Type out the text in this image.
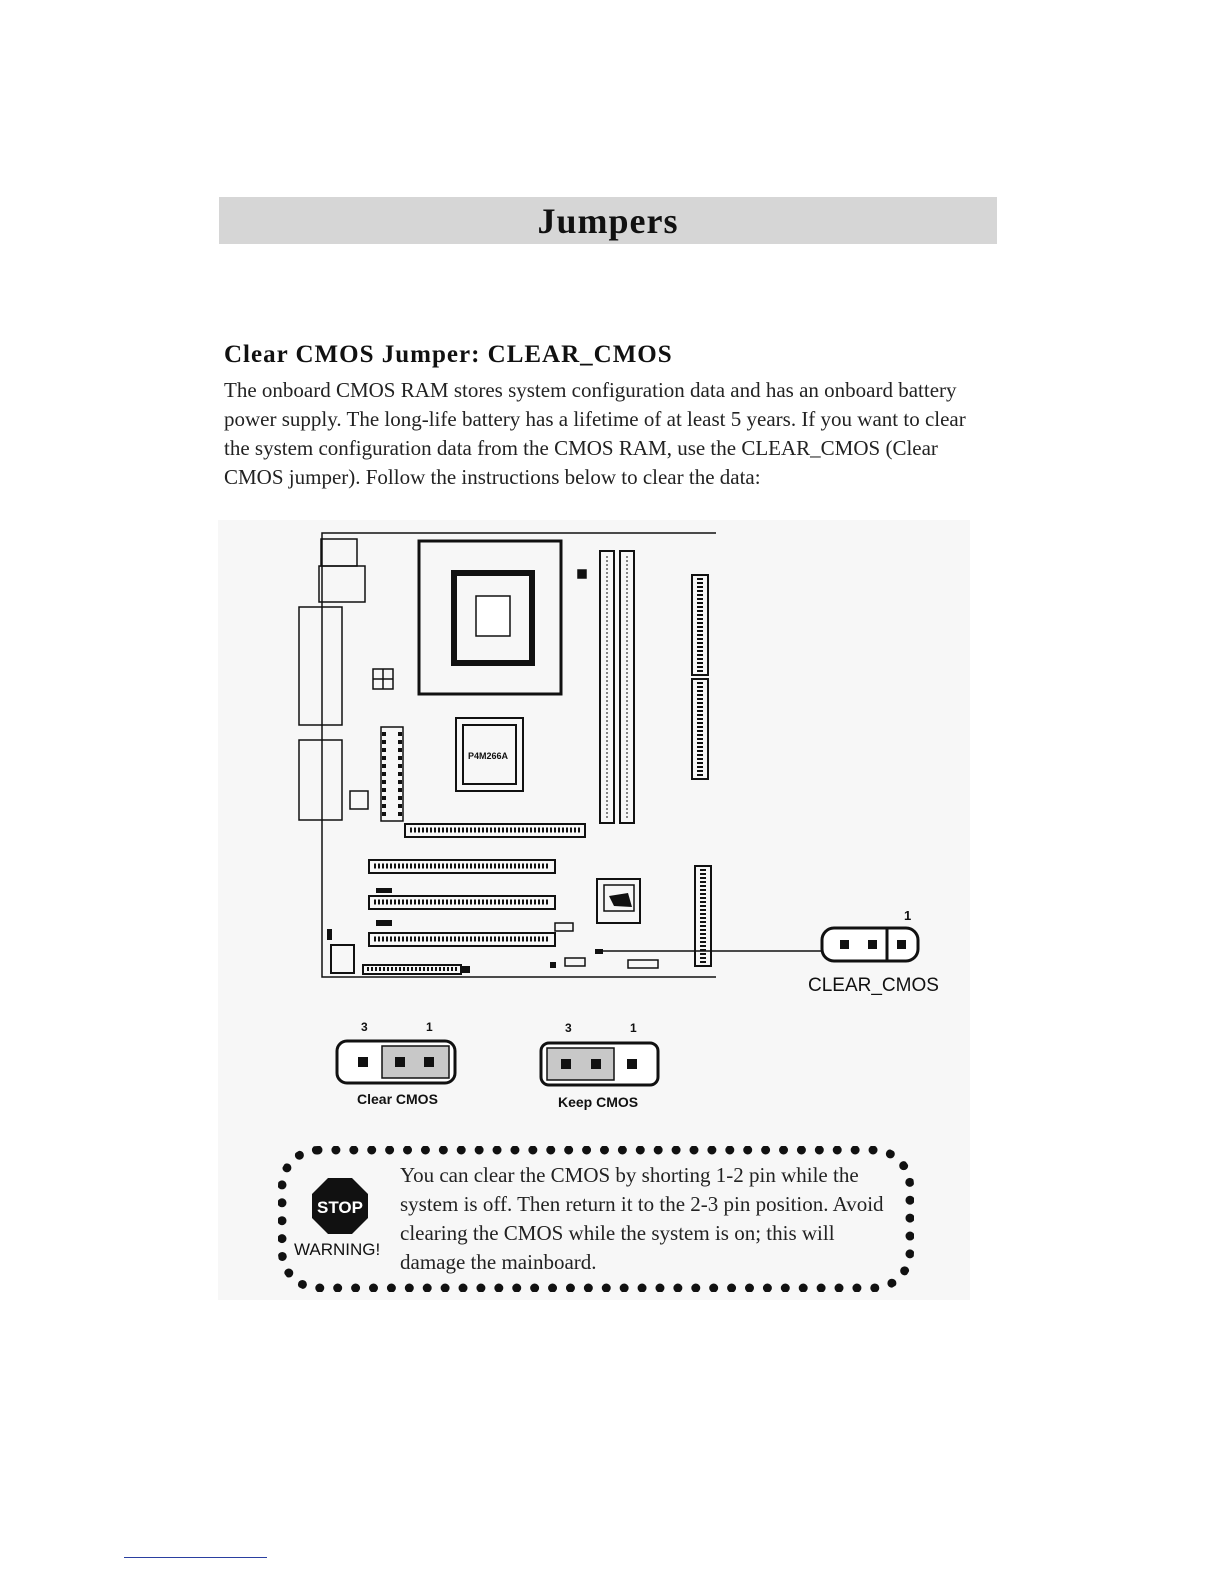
Jumpers
Clear CMOS Jumper: CLEAR_CMOS

The onboard CMOS RAM stores system configuration data and has an onboard battery power supply. The long-life battery has a lifetime of at least 5 years. If you want to clear the system configuration data from the CMOS RAM, use the CLEAR_CMOS (Clear CMOS jumper). Follow the instructions below to clear the data:

P4M266A
1
CLEAR_CMOS
3	1
Clear CMOS
3	1
Keep CMOS
STOP
WARNING!

You can clear the CMOS by shorting 1-2 pin while the system is off. Then return it to the 2-3 pin position. Avoid clearing the CMOS while the system is on; this will damage the mainboard.
